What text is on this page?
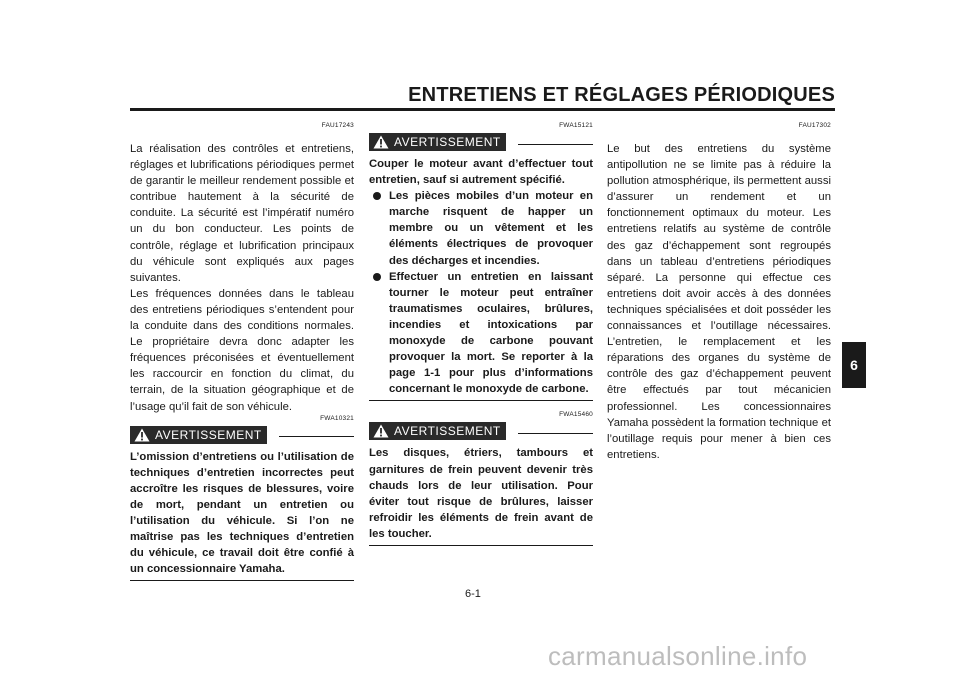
ENTRETIENS ET RÉGLAGES PÉRIODIQUES
FAU17243

La réalisation des contrôles et entretiens, réglages et lubrifications périodiques permet de garantir le meilleur rendement possible et contribue hautement à la sécurité de conduite. La sécurité est l’impératif numéro un du bon conducteur. Les points de contrôle, réglage et lubrification principaux du véhicule sont expliqués aux pages suivantes.

Les fréquences données dans le tableau des entretiens périodiques s’entendent pour la conduite dans des conditions normales. Le propriétaire devra donc adapter les fréquences préconisées et éventuellement les raccourcir en fonction du climat, du terrain, de la situation géographique et de l’usage qu’il fait de son véhicule.

FWA10321
AVERTISSEMENT

L’omission d’entretiens ou l’utilisation de techniques d’entretien incorrectes peut accroître les risques de blessures, voire de mort, pendant un entretien ou l’utilisation du véhicule. Si l’on ne maîtrise pas les techniques d’entretien du véhicule, ce travail doit être confié à un concessionnaire Yamaha.

FWA15121
AVERTISSEMENT

Couper le moteur avant d’effectuer tout entretien, sauf si autrement spécifié.

Les pièces mobiles d’un moteur en marche risquent de happer un membre ou un vêtement et les éléments électriques de provoquer des décharges et incendies.
Effectuer un entretien en laissant tourner le moteur peut entraîner traumatismes oculaires, brûlures, incendies et intoxications par monoxyde de carbone pouvant provoquer la mort. Se reporter à la page 1-1 pour plus d’informations concernant le monoxyde de carbone.
FWA15460
AVERTISSEMENT

Les disques, étriers, tambours et garnitures de frein peuvent devenir très chauds lors de leur utilisation. Pour éviter tout risque de brûlures, laisser refroidir les éléments de frein avant de les toucher.

FAU17302

Le but des entretiens du système antipollution ne se limite pas à réduire la pollution atmosphérique, ils permettent aussi d’assurer un rendement et un fonctionnement optimaux du moteur. Les entretiens relatifs au système de contrôle des gaz d’échappement sont regroupés dans un tableau d’entretiens périodiques séparé. La personne qui effectue ces entretiens doit avoir accès à des données techniques spécialisées et doit posséder les connaissances et l’outillage nécessaires. L’entretien, le remplacement et les réparations des organes du système de contrôle des gaz d’échappement peuvent être effectués par tout mécanicien professionnel. Les concessionnaires Yamaha possèdent la formation technique et l’outillage requis pour mener à bien ces entretiens.

6-1
6
carmanualsonline.info
